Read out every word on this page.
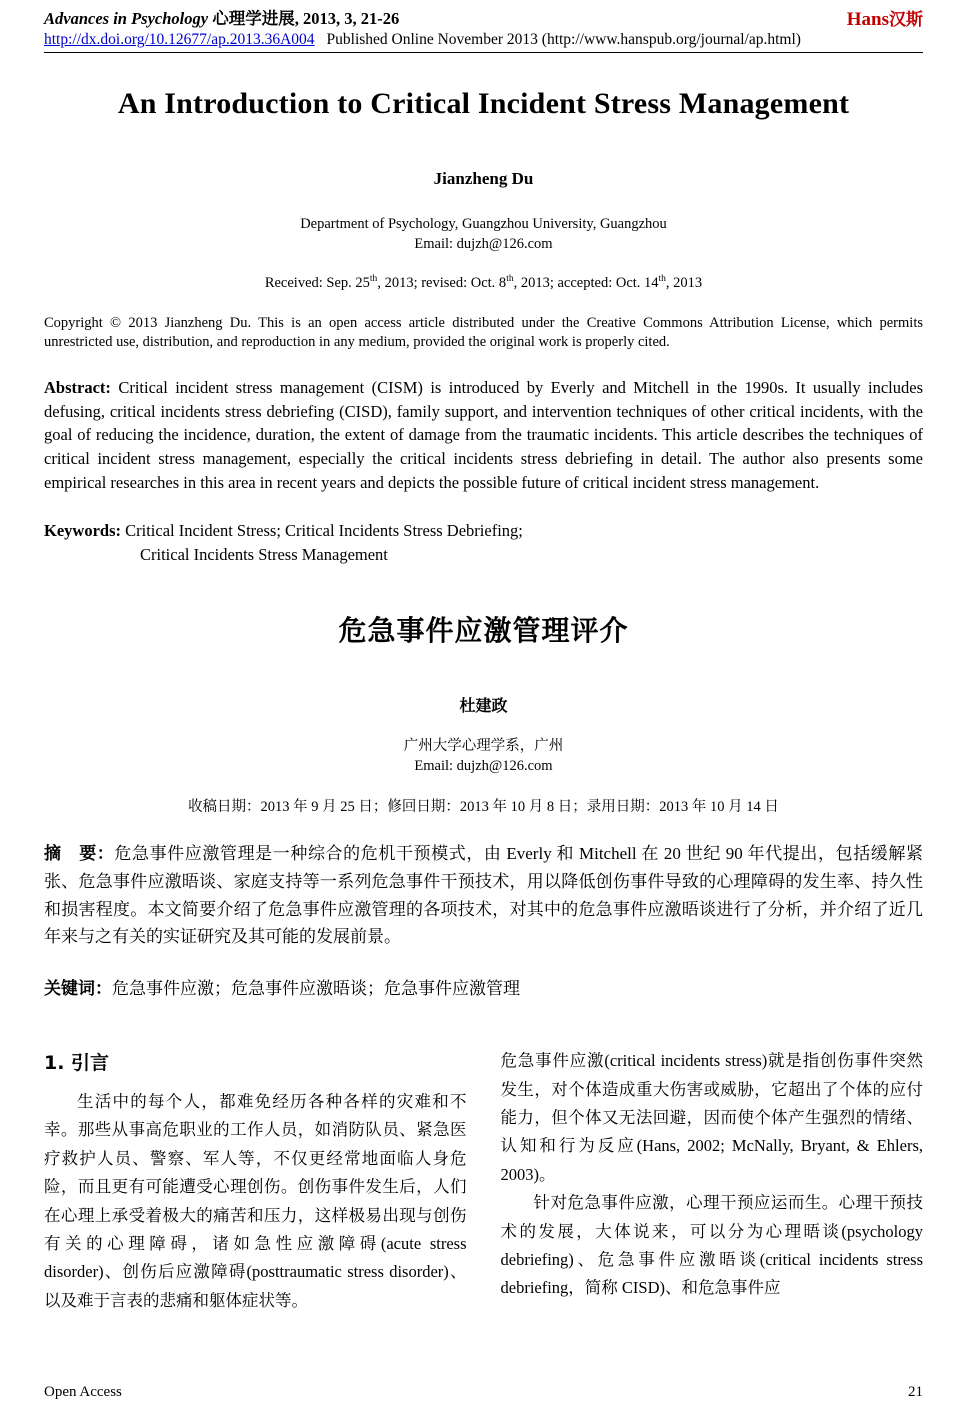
Advances in Psychology 心理学进展, 2013, 3, 21-26	Hans汉斯
http://dx.doi.org/10.12677/ap.2013.36A004 Published Online November 2013 (http://www.hanspub.org/journal/ap.html)
An Introduction to Critical Incident Stress Management
Jianzheng Du
Department of Psychology, Guangzhou University, Guangzhou
Email: dujzh@126.com
Received: Sep. 25th, 2013; revised: Oct. 8th, 2013; accepted: Oct. 14th, 2013
Copyright © 2013 Jianzheng Du. This is an open access article distributed under the Creative Commons Attribution License, which permits unrestricted use, distribution, and reproduction in any medium, provided the original work is properly cited.
Abstract: Critical incident stress management (CISM) is introduced by Everly and Mitchell in the 1990s. It usually includes defusing, critical incidents stress debriefing (CISD), family support, and intervention techniques of other critical incidents, with the goal of reducing the incidence, duration, the extent of damage from the traumatic incidents. This article describes the techniques of critical incident stress management, especially the critical incidents stress debriefing in detail. The author also presents some empirical researches in this area in recent years and depicts the possible future of critical incident stress management.
Keywords: Critical Incident Stress; Critical Incidents Stress Debriefing;
Critical Incidents Stress Management
危急事件应激管理评介
杜建政
广州大学心理学系，广州
Email: dujzh@126.com
收稿日期：2013 年 9 月 25 日；修回日期：2013 年 10 月 8 日；录用日期：2013 年 10 月 14 日
摘　要：危急事件应激管理是一种综合的危机干预模式，由 Everly 和 Mitchell 在 20 世纪 90 年代提出，包括缓解紧张、危急事件应激晤谈、家庭支持等一系列危急事件干预技术，用以降低创伤事件导致的心理障碍的发生率、持久性和损害程度。本文简要介绍了危急事件应激管理的各项技术，对其中的危急事件应激晤谈进行了分析，并介绍了近几年来与之有关的实证研究及其可能的发展前景。
关键词：危急事件应激；危急事件应激晤谈；危急事件应激管理
1. 引言

生活中的每个人，都难免经历各种各样的灾难和不幸。那些从事高危职业的工作人员，如消防队员、紧急医疗救护人员、警察、军人等，不仅更经常地面临人身危险，而且更有可能遭受心理创伤。创伤事件发生后，人们在心理上承受着极大的痛苦和压力，这样极易出现与创伤有关的心理障碍，诸如急性应激障碍(acute stress disorder)、创伤后应激障碍(posttraumatic stress disorder)、以及难于言表的悲痛和躯体症状等。

危急事件应激(critical incidents stress)就是指创伤事件突然发生，对个体造成重大伤害或威胁，它超出了个体的应付能力，但个体又无法回避，因而使个体产生强烈的情绪、认知和行为反应(Hans, 2002; McNally, Bryant, & Ehlers, 2003)。

针对危急事件应激，心理干预应运而生。心理干预技术的发展，大体说来，可以分为心理晤谈(psychology debriefing)、危急事件应激晤谈(critical incidents stress debriefing，简称 CISD)、和危急事件应

Open Access	21
